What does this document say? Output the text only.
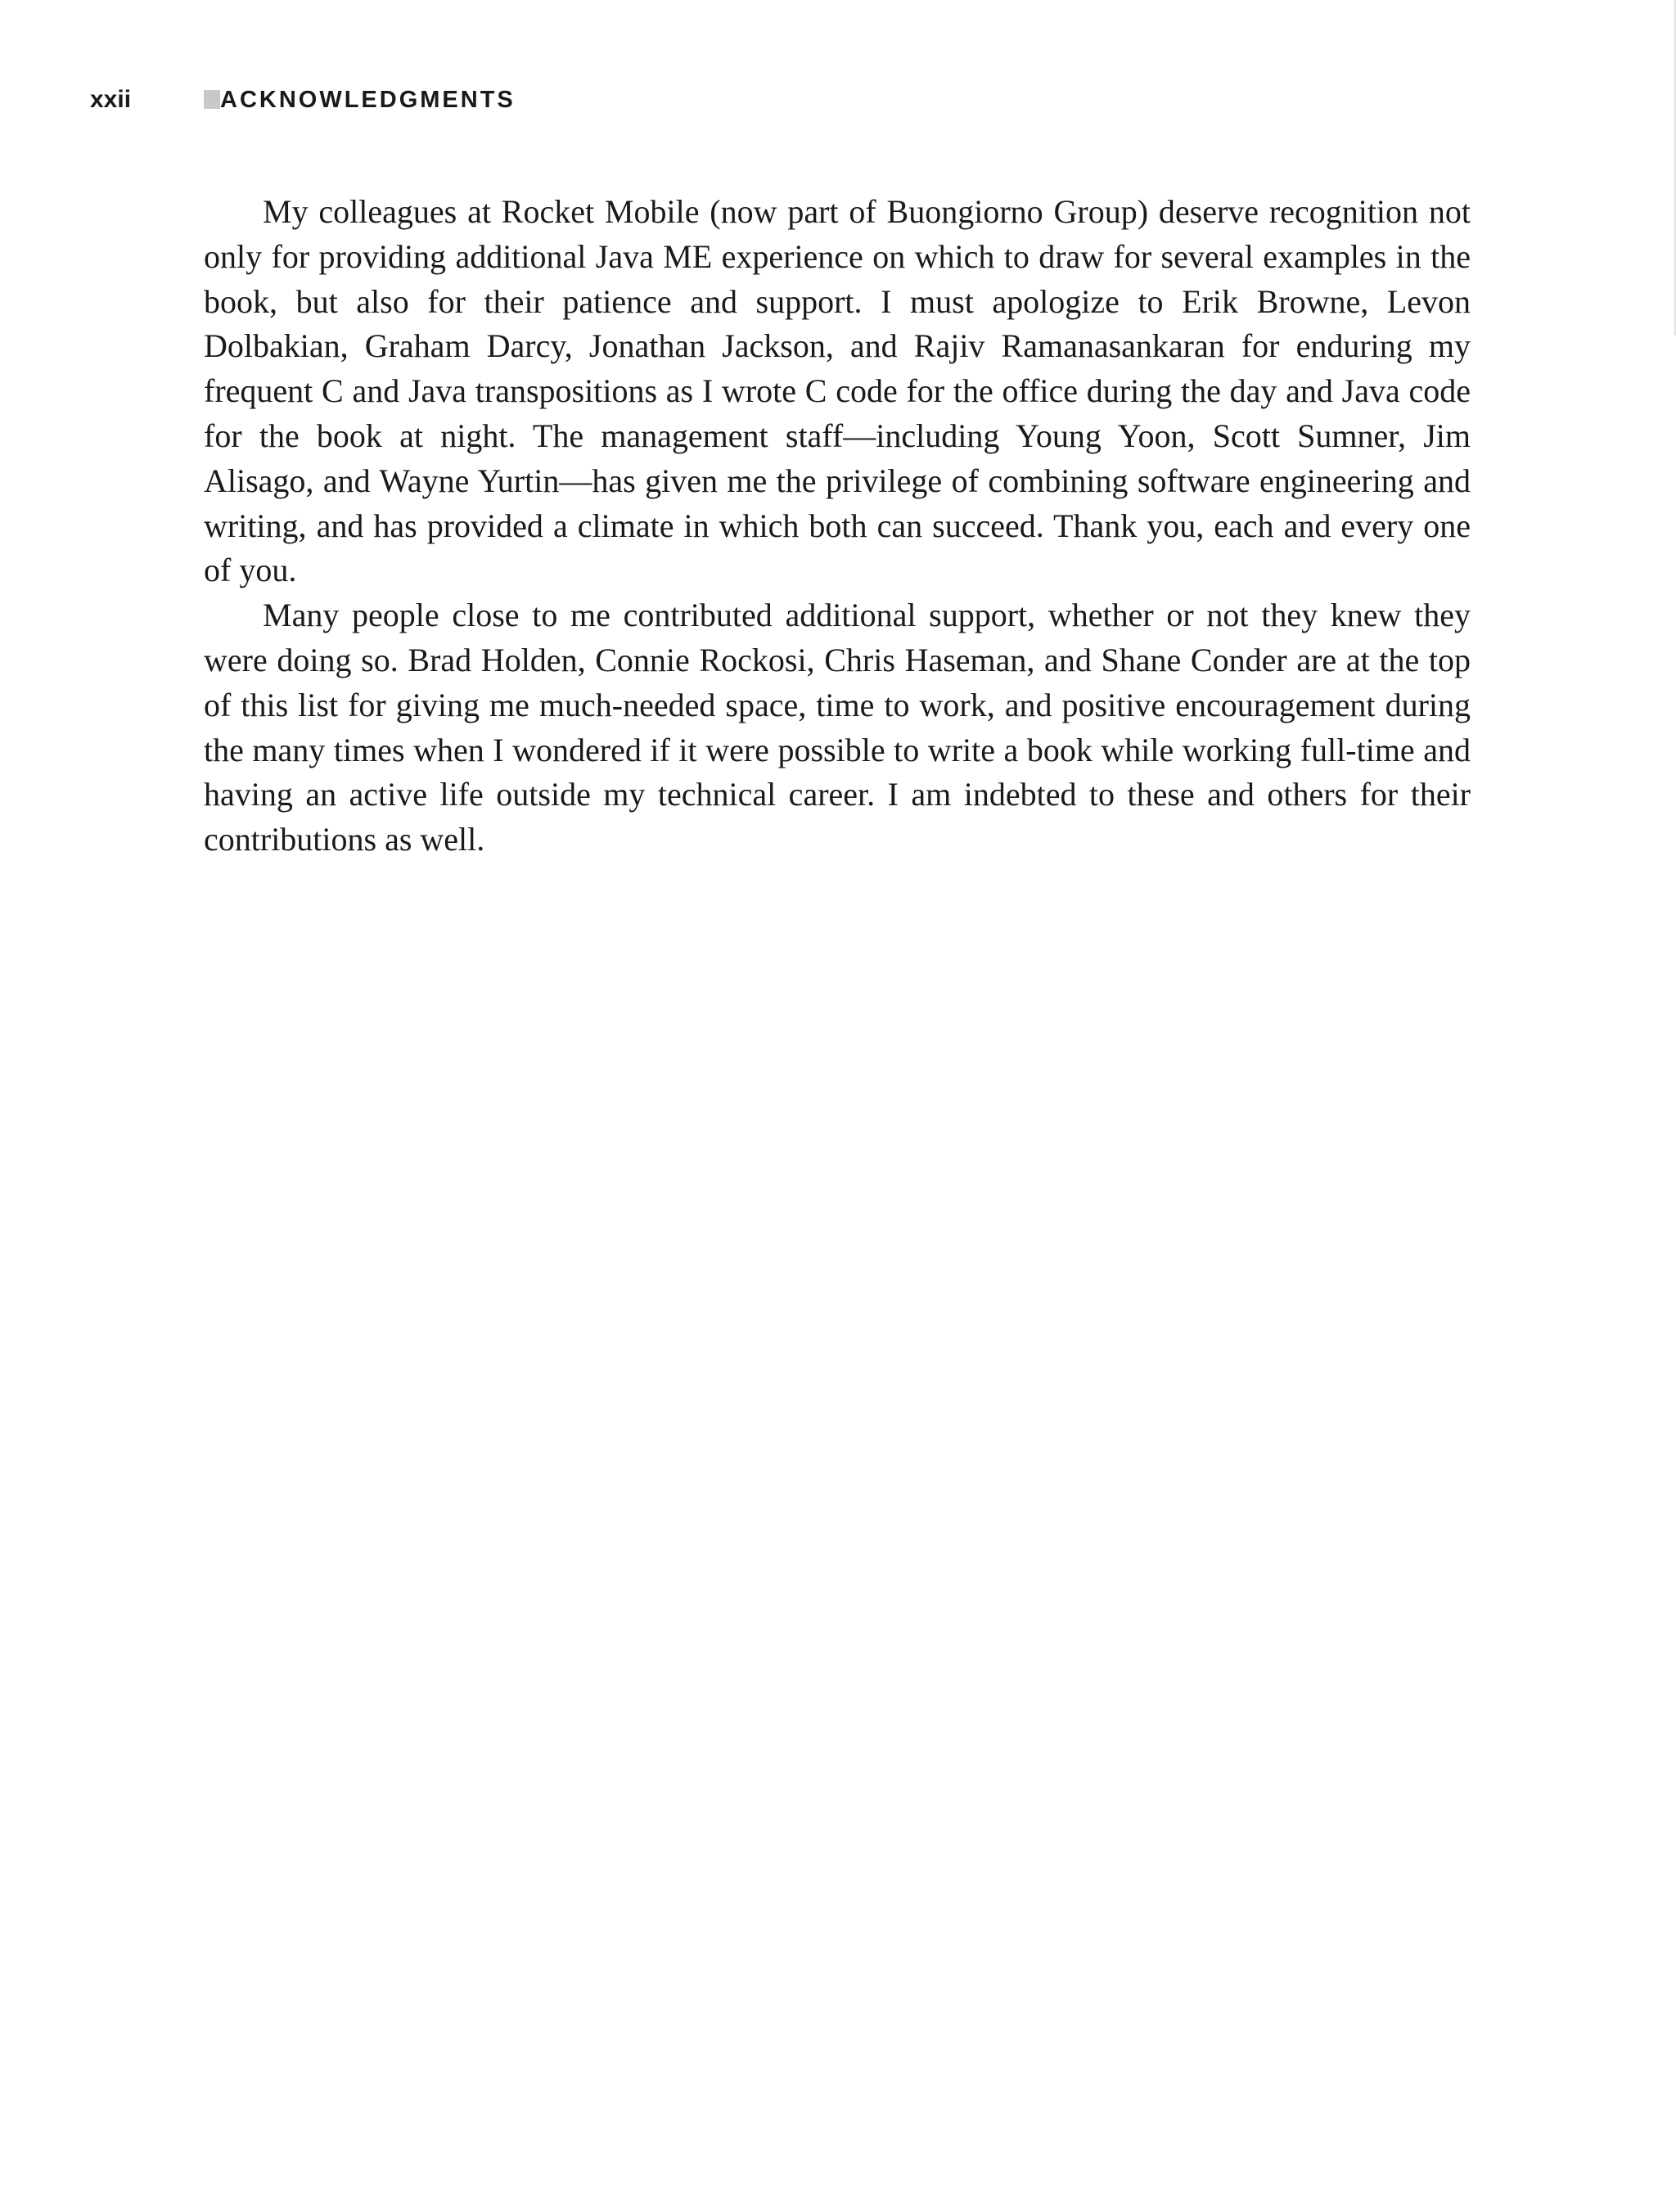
xxii	ACKNOWLEDGMENTS

My colleagues at Rocket Mobile (now part of Buongiorno Group) deserve recognition not only for providing additional Java ME experience on which to draw for several examples in the book, but also for their patience and support. I must apologize to Erik Browne, Levon Dolbakian, Graham Darcy, Jonathan Jackson, and Rajiv Ramanasankaran for enduring my frequent C and Java transpositions as I wrote C code for the office during the day and Java code for the book at night. The management staff—including Young Yoon, Scott Sumner, Jim Alisago, and Wayne Yurtin—has given me the privilege of combining software engineering and writing, and has provided a climate in which both can succeed. Thank you, each and every one of you.

Many people close to me contributed additional support, whether or not they knew they were doing so. Brad Holden, Connie Rockosi, Chris Haseman, and Shane Conder are at the top of this list for giving me much-needed space, time to work, and positive encouragement during the many times when I wondered if it were possible to write a book while working full-time and having an active life outside my technical career. I am indebted to these and others for their contributions as well.
